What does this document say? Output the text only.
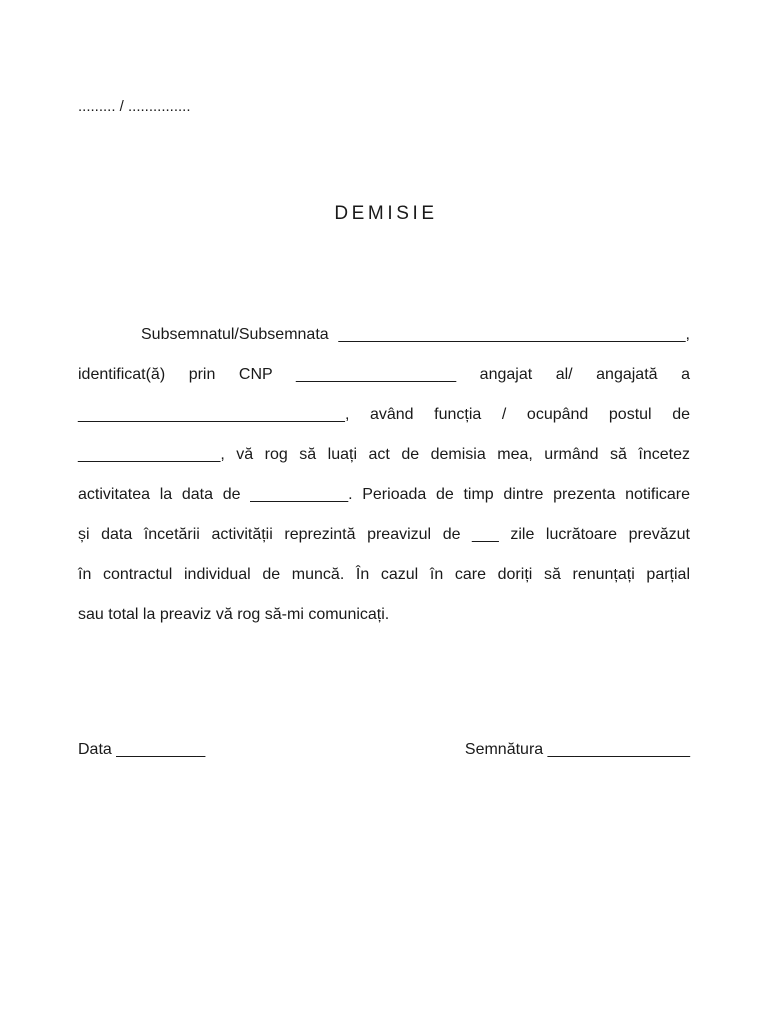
......... / ...............
DEMISIE
Subsemnatul/Subsemnata _______________________________________,
identificat(ă) prin CNP __________________ angajat al/ angajată a
______________________________, având funcția / ocupând postul de
________________, vă rog să luați act de demisia mea, urmând să încetez
activitatea la data de ___________. Perioada de timp dintre prezenta notificare
și data încetării activității reprezintă preavizul de ___ zile lucrătoare prevăzut
în contractul individual de muncă. În cazul în care doriți să renunțați parțial
sau total la preaviz vă rog să-mi comunicați.
Data __________	Semnătura ________________
